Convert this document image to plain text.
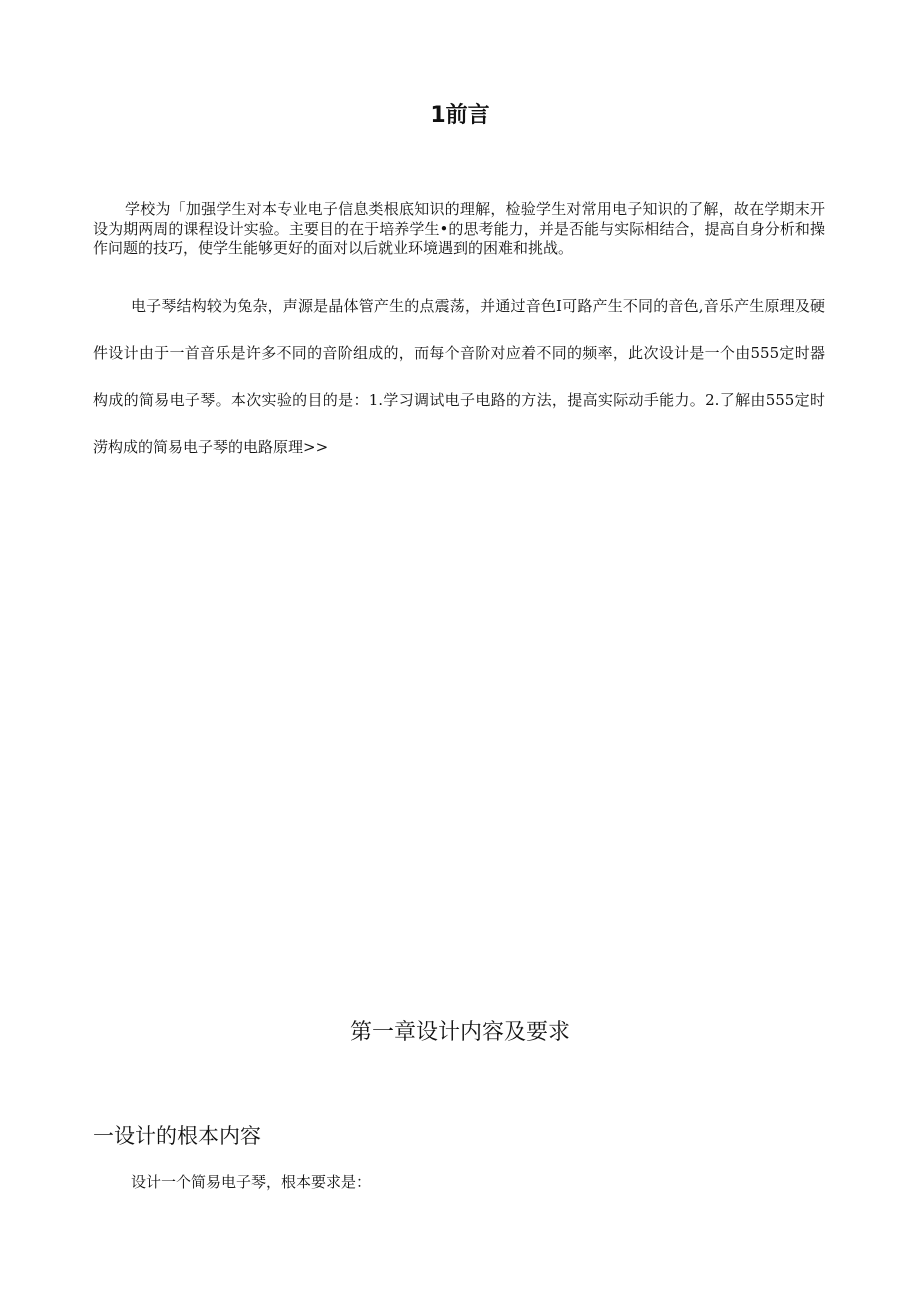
1前言
学校为「加强学生对本专业电子信息类根底知识的理解，检验学生对常用电子知识的了解，故在学期末开设为期两周的课程设计实验。主要目的在于培养学生•的思考能力，并是否能与实际相结合，提高自身分析和操作问题的技巧，使学生能够更好的面对以后就业环境遇到的困难和挑战。
电子琴结构较为兔杂，声源是晶体管产生的点震荡，并通过音色I可路产生不同的音色,音乐产生原理及硬件设计由于一首音乐是许多不同的音阶组成的，而每个音阶对应着不同的频率，此次设计是一个由555定时器构成的简易电子琴。本次实验的目的是：1.学习调试电子电路的方法，提高实际动手能力。2.了解由555定时涝构成的简易电子琴的电路原理>>
第一章设计内容及要求
一设计的根本内容
设计一个简易电子琴，根本要求是：
